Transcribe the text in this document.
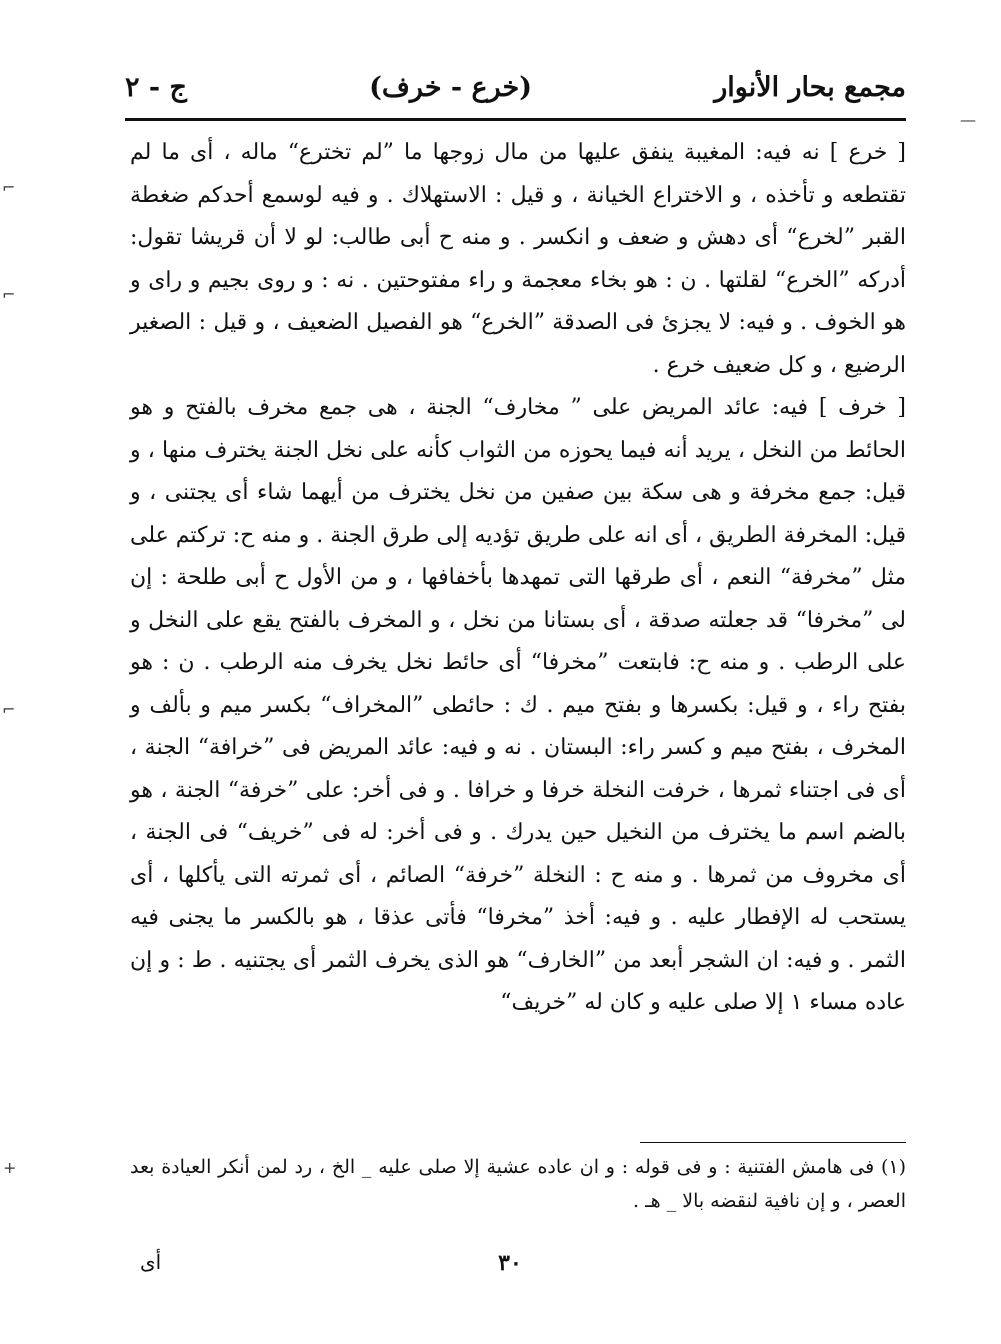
مجمع بحار الأنوار
(خرع - خرف)
ج - ٢

[ خرع ] نه فيه: المغيبة ينفق عليها من مال زوجها ما ”لم تخترع“ ماله ، أى ما لم تقتطعه و تأخذه ، و الاختراع الخيانة ، و قيل : الاستهلاك . و فيه لوسمع أحدكم ضغطة القبر ”لخرع“ أى دهش و ضعف و انكسر . و منه ح أبى طالب: لو لا أن قريشا تقول: أدركه ”الخرع“ لقلتها . ن : هو بخاء معجمة و راء مفتوحتين . نه : و روى بجيم و راى و هو الخوف . و فيه: لا يجزئ فى الصدقة ”الخرع“ هو الفصيل الضعيف ، و قيل : الصغير الرضيع ، و كل ضعيف خرع .

[ خرف ] فيه: عائد المريض على ” مخارف“ الجنة ، هى جمع مخرف بالفتح و هو الحائط من النخل ، يريد أنه فيما يحوزه من الثواب كأنه على نخل الجنة يخترف منها ، و قيل: جمع مخرفة و هى سكة بين صفين من نخل يخترف من أيهما شاء أى يجتنى ، و قيل: المخرفة الطريق ، أى انه على طريق تؤديه إلى طرق الجنة . و منه ح: تركتم على مثل ”مخرفة“ النعم ، أى طرقها التى تمهدها بأخفافها ، و من الأول ح أبى طلحة : إن لى ”مخرفا“ قد جعلته صدقة ، أى بستانا من نخل ، و المخرف بالفتح يقع على النخل و على الرطب . و منه ح: فابتعت ”مخرفا“ أى حائط نخل يخرف منه الرطب . ن : هو بفتح راء ، و قيل: بكسرها و بفتح ميم . ك : حائطى ”المخراف“ بكسر ميم و بألف و المخرف ، بفتح ميم و كسر راء: البستان . نه و فيه: عائد المريض فى ”خرافة“ الجنة ، أى فى اجتناء ثمرها ، خرفت النخلة خرفا و خرافا . و فى أخر: على ”خرفة“ الجنة ، هو بالضم اسم ما يخترف من النخيل حين يدرك . و فى أخر: له فى ”خريف“ فى الجنة ، أى مخروف من ثمرها . و منه ح : النخلة ”خرفة“ الصائم ، أى ثمرته التى يأكلها ، أى يستحب له الإفطار عليه . و فيه: أخذ ”مخرفا“ فأتى عذقا ، هو بالكسر ما يجنى فيه الثمر . و فيه: ان الشجر أبعد من ”الخارف“ هو الذى يخرف الثمر أى يجتنيه . ط : و إن عاده مساء ١ إلا صلى عليه و كان له ”خريف“

(١) فى هامش الفتنية : و فى قوله : و ان عاده عشية إلا صلى عليه _ الخ ، رد لمن أنكر العيادة بعد العصر ، و إن نافية لنقضه بالا _ هـ .
٣٠
أى
⌐
⌐
⌐
+
—
